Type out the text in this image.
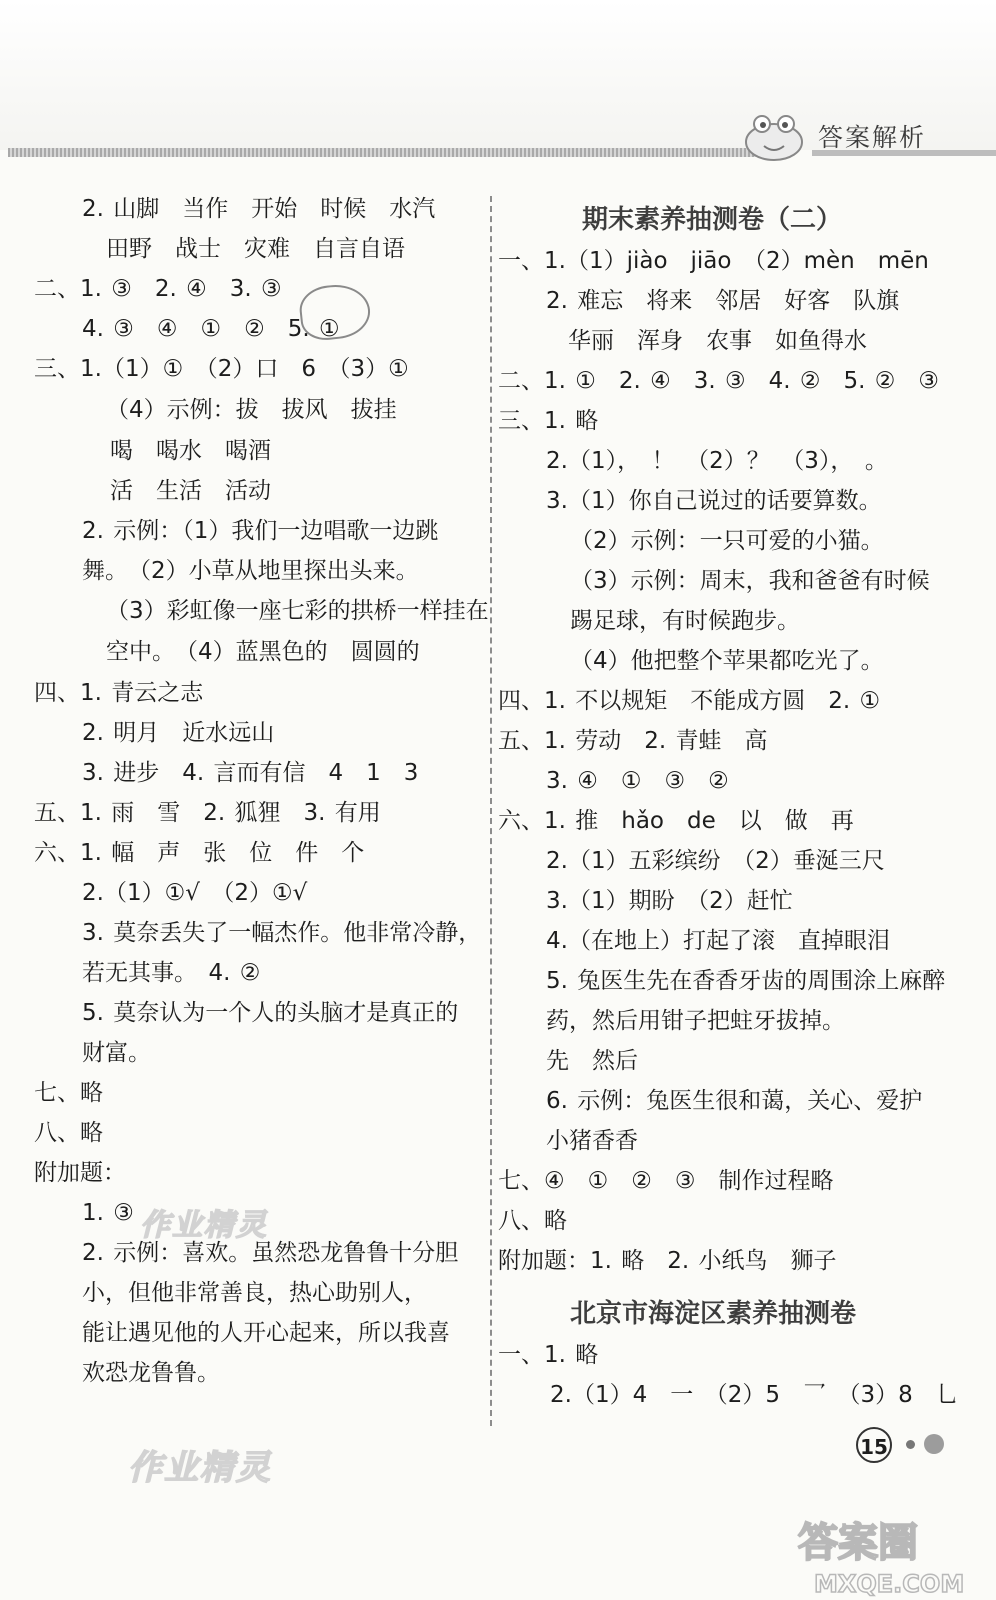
答案解析
2. 山脚　当作　开始　时候　水汽
田野　战士　灾难　自言自语
二、1. ③　2. ④　3. ③
4. ③　④　①　②　5. ①
三、1.（1）①　（2）口　6　（3）①
（4）示例：拔　拔风　拔挂
喝　喝水　喝酒
活　生活　活动
2. 示例：（1）我们一边唱歌一边跳
舞。　（2）小草从地里探出头来。
（3）彩虹像一座七彩的拱桥一样挂在
空中。　（4）蓝黑色的　圆圆的
四、1. 青云之志
2. 明月　近水远山
3. 进步　4. 言而有信　4　1　3
五、1. 雨　雪　2. 狐狸　3. 有用
六、1. 幅　声　张　位　件　个
2.（1）①√　（2）①√
3. 莫奈丢失了一幅杰作。他非常冷静，
若无其事。　4. ②
5. 莫奈认为一个人的头脑才是真正的
财富。
七、略
八、略
附加题：
1. ③
2. 示例：喜欢。虽然恐龙鲁鲁十分胆
小，但他非常善良，热心助别人，
能让遇见他的人开心起来，所以我喜
欢恐龙鲁鲁。
期末素养抽测卷（二）
一、1.（1）jiào　jiāo　（2）mèn　mēn
2. 难忘　将来　邻居　好客　队旗
华丽　浑身　农事　如鱼得水
二、1. ①　2. ④　3. ③　4. ②　5. ②　③
三、1. 略
2.（1），　！　（2）？　（3），　。
3.（1）你自己说过的话要算数。
（2）示例：一只可爱的小猫。
（3）示例：周末，我和爸爸有时候
踢足球，有时候跑步。
（4）他把整个苹果都吃光了。
四、1. 不以规矩　不能成方圆　2. ①
五、1. 劳动　2. 青蛙　高
3. ④　①　③　②
六、1. 推　hǎo　de　以　做　再
2.（1）五彩缤纷　（2）垂涎三尺
3.（1）期盼　（2）赶忙
4.（在地上）打起了滚　直掉眼泪
5. 兔医生先在香香牙齿的周围涂上麻醉
药，然后用钳子把蛀牙拔掉。
先　然后
6. 示例：兔医生很和蔼，关心、爱护
小猪香香
七、④　①　②　③　制作过程略
八、略
附加题：1. 略　2. 小纸鸟　狮子
北京市海淀区素养抽测卷
一、1. 略
2.（1）4　一　（2）5　乛　（3）8　乚
作业精灵
作业精灵
15
答案圈
MXQE.COM
